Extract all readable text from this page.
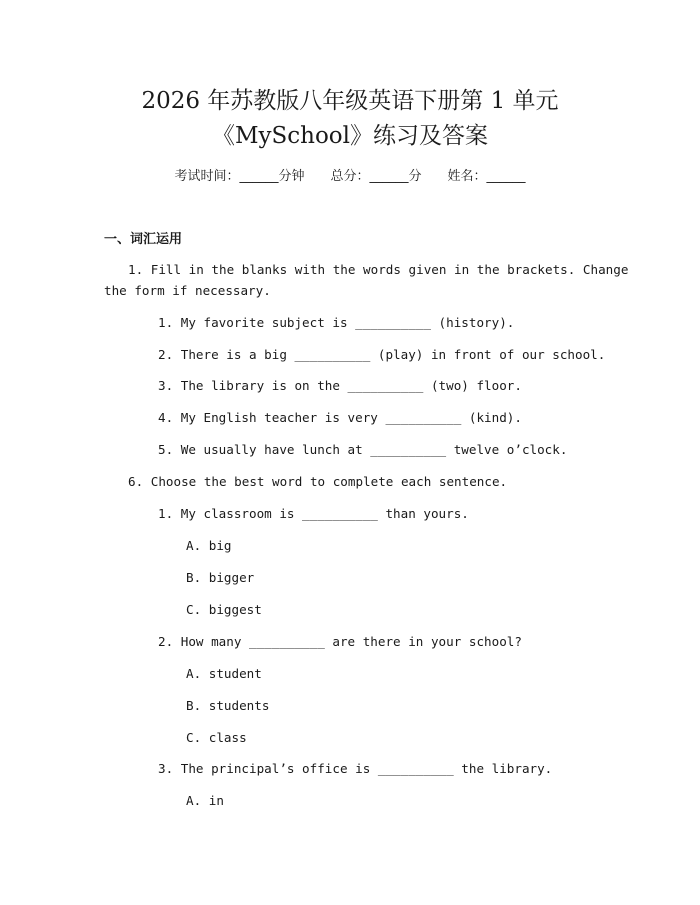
2026 年苏教版八年级英语下册第 1 单元
《MySchool》练习及答案
考试时间：______分钟 总分：______分 姓名：______
一、词汇运用
1. Fill in the blanks with the words given in the brackets. Change
the form if necessary.
1. My favorite subject is __________ (history).
2. There is a big __________ (play) in front of our school.
3. The library is on the __________ (two) floor.
4. My English teacher is very __________ (kind).
5. We usually have lunch at __________ twelve o’clock.
6. Choose the best word to complete each sentence.
1. My classroom is __________ than yours.
A. big
B. bigger
C. biggest
2. How many __________ are there in your school?
A. student
B. students
C. class
3. The principal’s office is __________ the library.
A. in
